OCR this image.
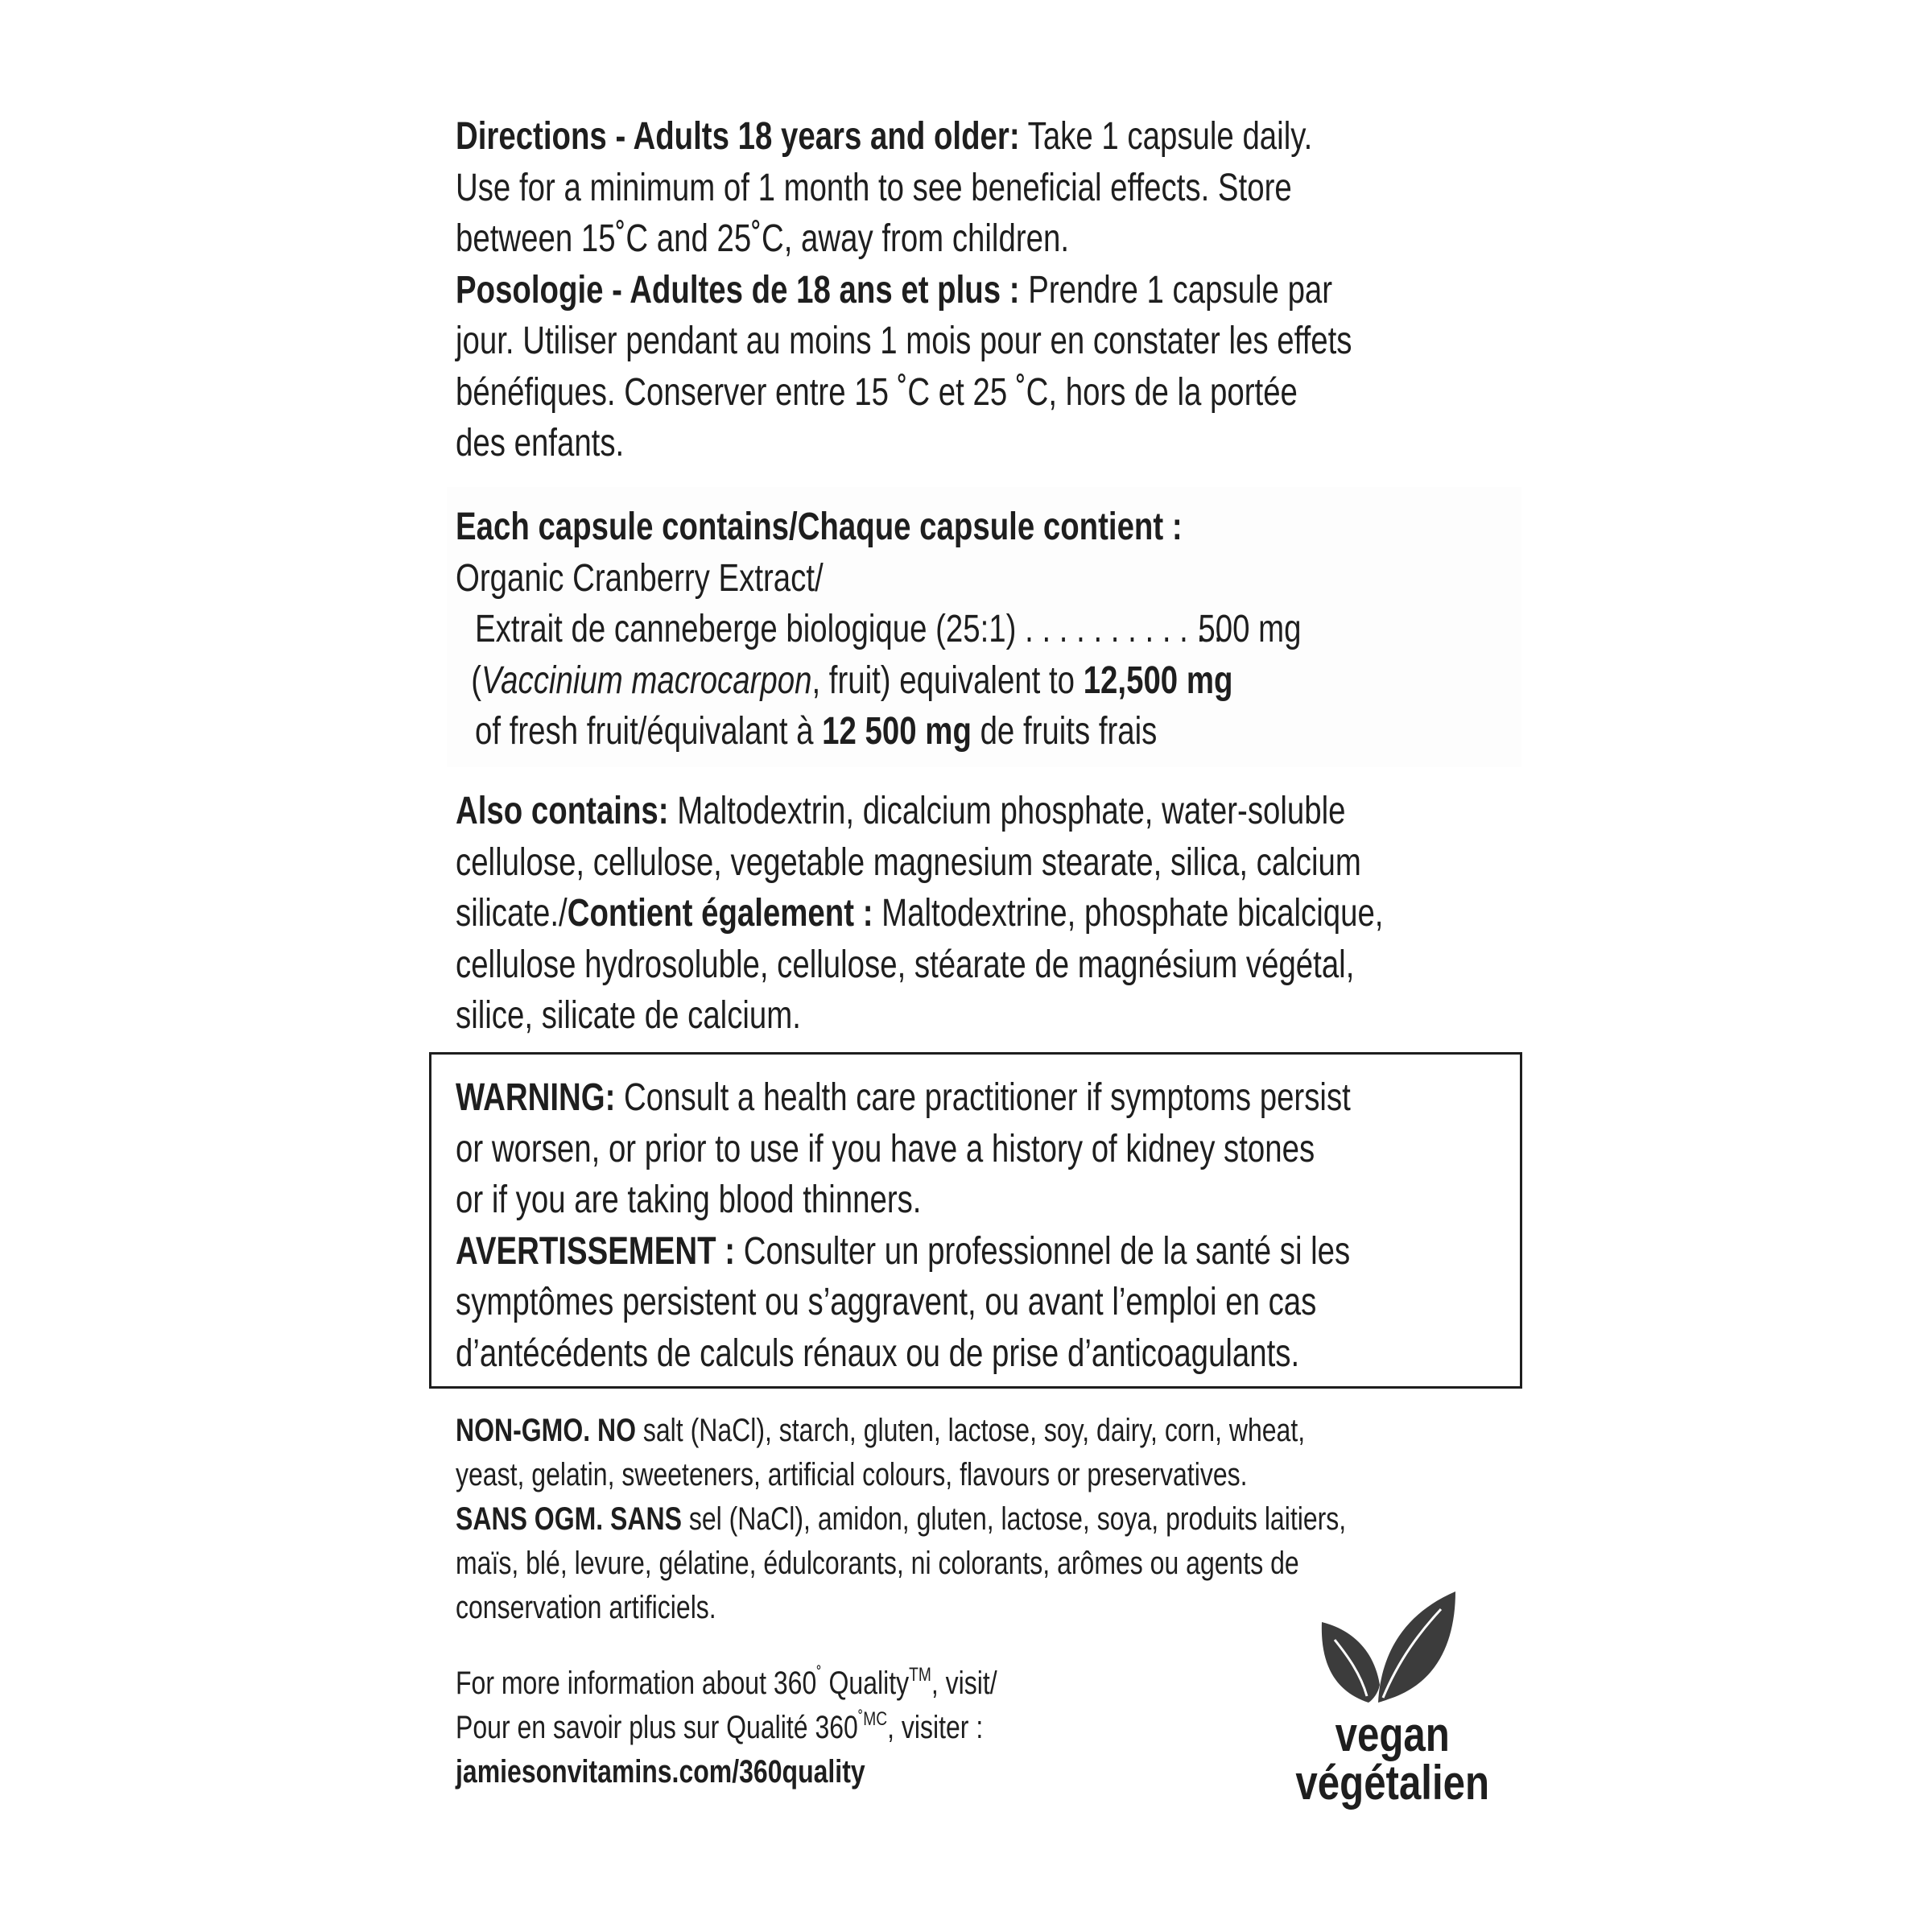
Directions - Adults 18 years and older: Take 1 capsule daily.
Use for a minimum of 1 month to see beneficial effects. Store
between 15˚C and 25˚C, away from children.
Posologie - Adultes de 18 ans et plus : Prendre 1 capsule par
jour. Utiliser pendant au moins 1 mois pour en constater les effets
bénéfiques. Conserver entre 15 ˚C et 25 ˚C, hors de la portée
des enfants.
Each capsule contains/Chaque capsule contient :
Organic Cranberry Extract/
Extrait de canneberge biologique (25:1) . . . . . . . . . . . .
500 mg
(Vaccinium macrocarpon, fruit) equivalent to 12,500 mg
of fresh fruit/équivalant à 12 500 mg de fruits frais
Also contains: Maltodextrin, dicalcium phosphate, water-soluble
cellulose, cellulose, vegetable magnesium stearate, silica, calcium
silicate./Contient également : Maltodextrine, phosphate bicalcique,
cellulose hydrosoluble, cellulose, stéarate de magnésium végétal,
silice, silicate de calcium.
WARNING: Consult a health care practitioner if symptoms persist
or worsen, or prior to use if you have a history of kidney stones
or if you are taking blood thinners.
AVERTISSEMENT : Consulter un professionnel de la santé si les
symptômes persistent ou s’aggravent, ou avant l’emploi en cas
d’antécédents de calculs rénaux ou de prise d’anticoagulants.
NON-GMO. NO salt (NaCl), starch, gluten, lactose, soy, dairy, corn, wheat,
yeast, gelatin, sweeteners, artificial colours, flavours or preservatives.
SANS OGM. SANS sel (NaCl), amidon, gluten, lactose, soya, produits laitiers,
maïs, blé, levure, gélatine, édulcorants, ni colorants, arômes ou agents de
conservation artificiels.
For more information about 360˚ Quality™, visit/
Pour en savoir plus sur Qualité $360^{˚MC}$, visiter :
jamiesonvitamins.com/360quality
vegan
végétalien
